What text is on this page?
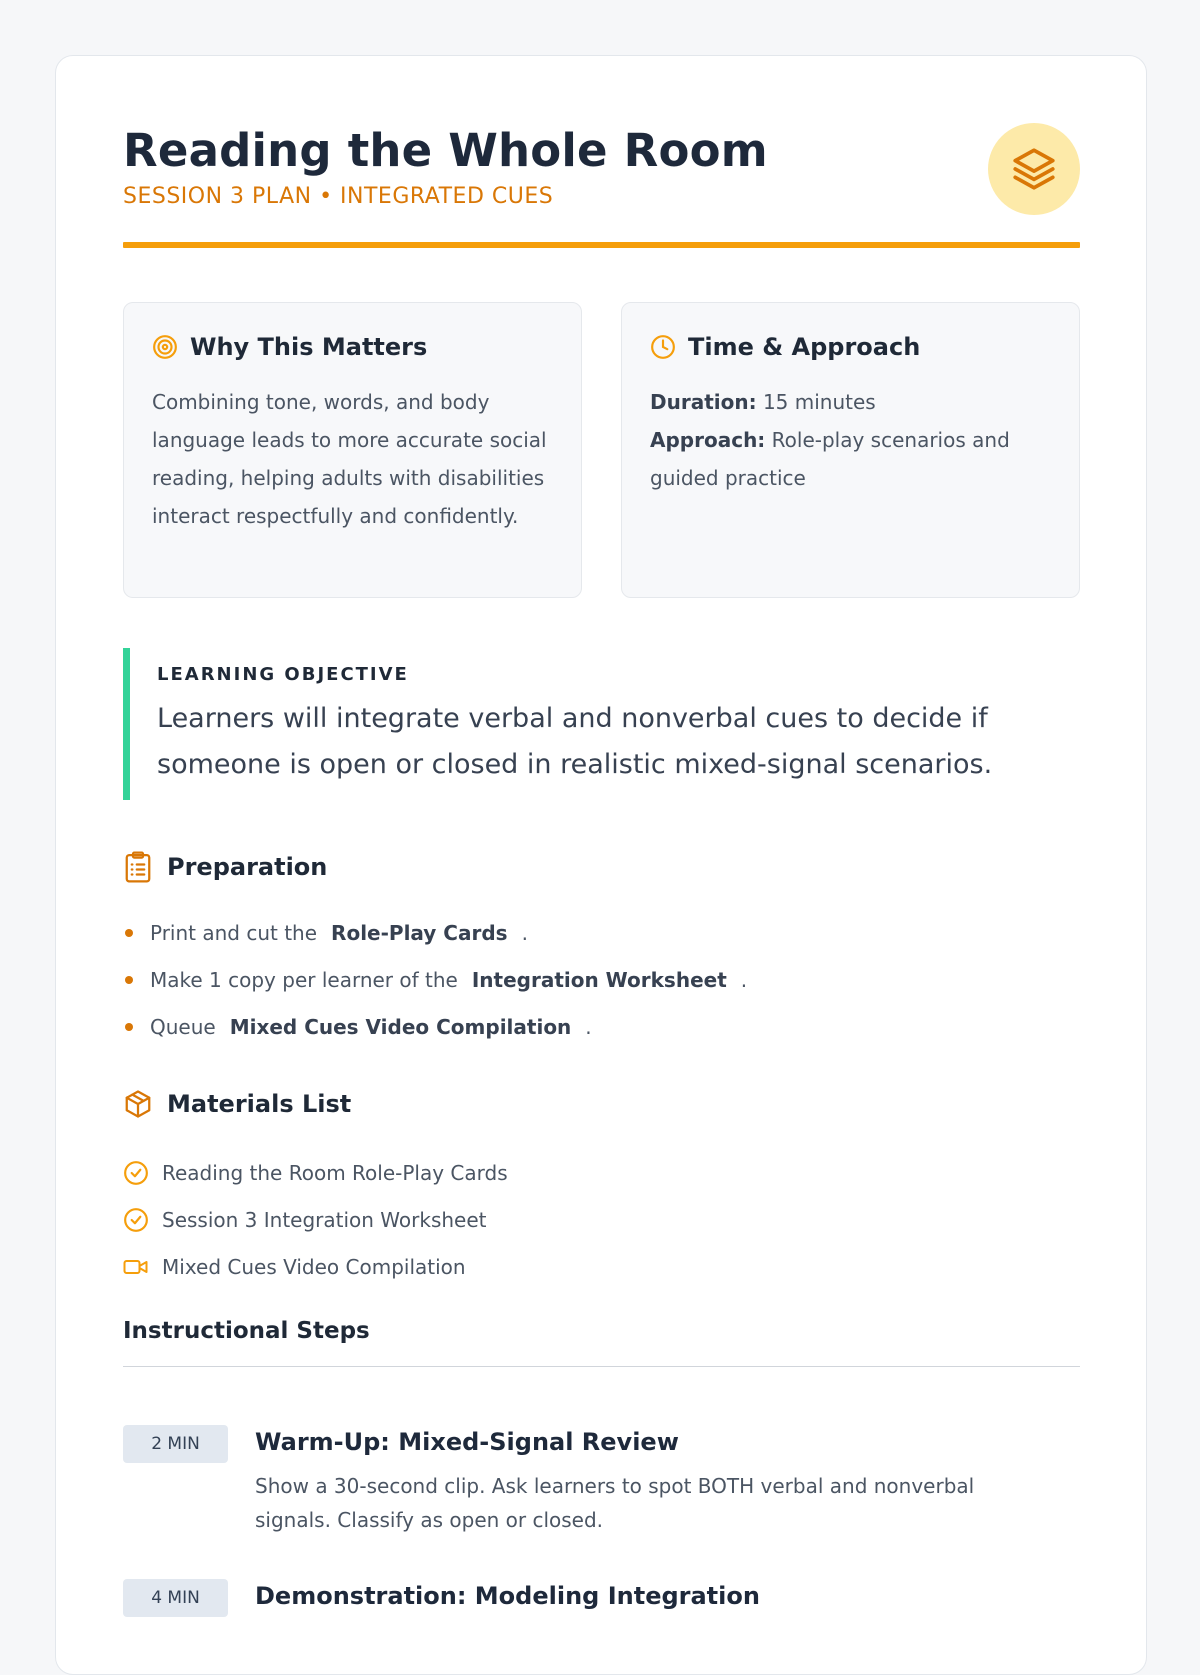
Reading the Whole Room
SESSION 3 PLAN • INTEGRATED CUES
Why This Matters

Combining tone, words, and body language leads to more accurate social reading, helping adults with disabilities interact respectfully and confidently.

Time & Approach
Duration: 15 minutes
Approach: Role-play scenarios and guided practice
LEARNING OBJECTIVE

Learners will integrate verbal and nonverbal cues to decide if someone is open or closed in realistic mixed-signal scenarios.

Preparation
Print and cut the Role-Play Cards .
Make 1 copy per learner of the Integration Worksheet .
Queue Mixed Cues Video Compilation .
Materials List
Reading the Room Role-Play Cards
Session 3 Integration Worksheet
Mixed Cues Video Compilation
Instructional Steps
2 MIN	Warm-Up: Mixed-Signal Review

Show a 30-second clip. Ask learners to spot BOTH verbal and nonverbal signals. Classify as open or closed.

4 MIN	Demonstration: Modeling Integration
